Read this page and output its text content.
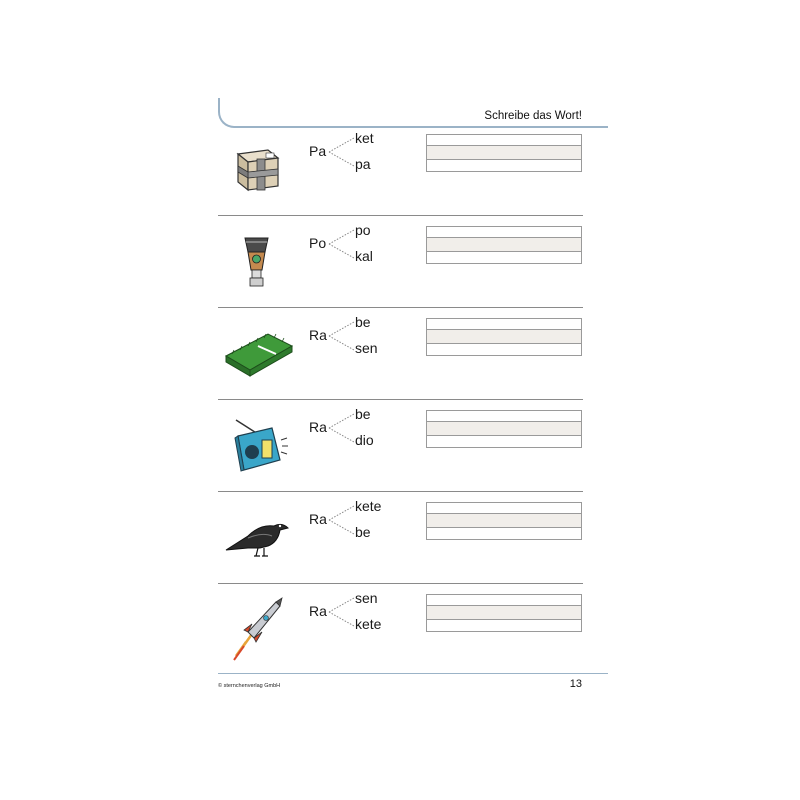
Schreibe das Wort!
Pa
ket
pa
Po
po
kal
Ra
be
sen
Ra
be
dio
Ra
kete
be
Ra
sen
kete
© sternchenverlag GmbH	13
